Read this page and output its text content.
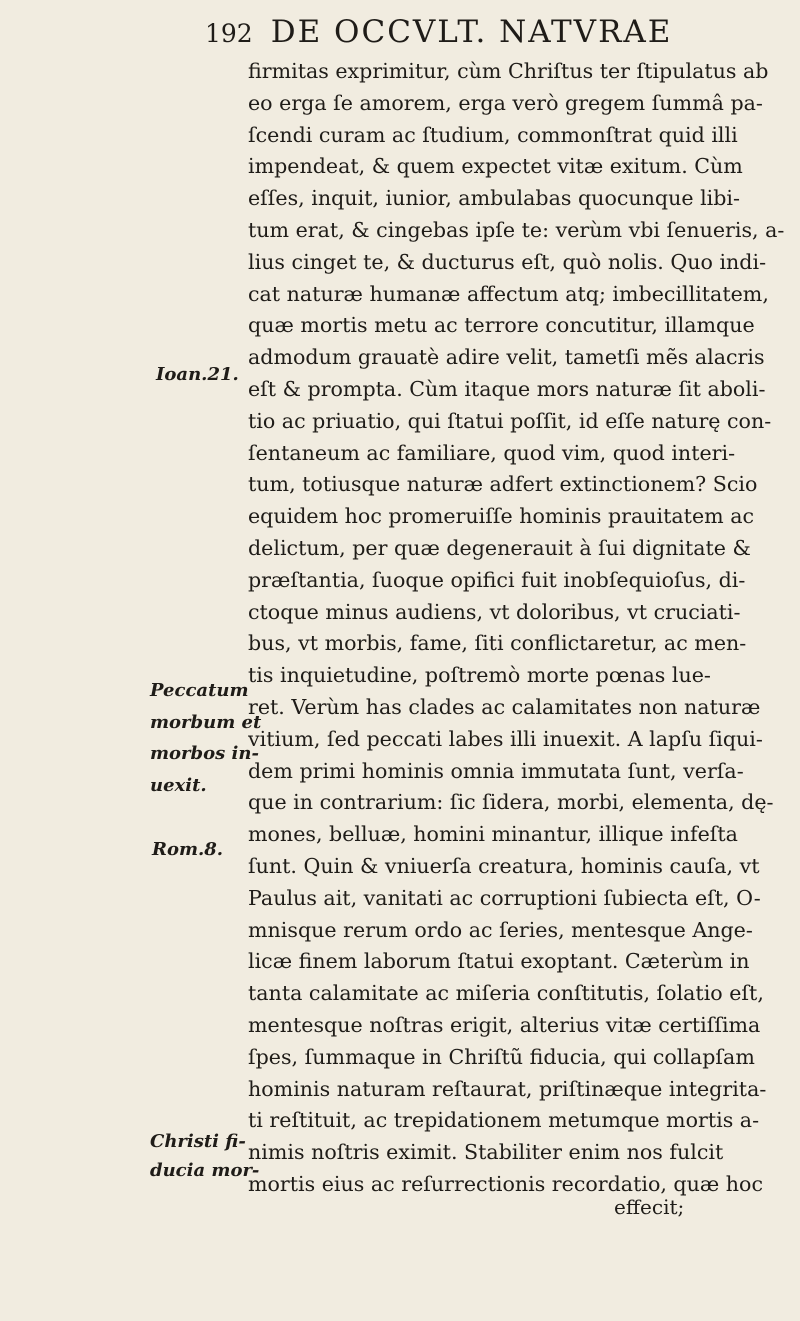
192 DE OCCVLT. NATVRAE
firmitas exprimitur, cùm Chriſtus ter ſtipulatus ab
eo erga ſe amorem, erga verò gregem ſummâ pa-
ſcendi curam ac ſtudium, commonſtrat quid illi
impendeat, & quem expectet vitæ exitum. Cùm
eſſes, inquit, iunior, ambulabas quocunque libi-
tum erat, & cingebas ipſe te: verùm vbi ſenueris, a-
lius cinget te, & ducturus eſt, quò nolis. Quo indi-
cat naturæ humanæ affectum atq; imbecillitatem,
quæ mortis metu ac terrore concutitur, illamque
admodum grauatè adire velit, tametſi mẽs alacris
eſt & prompta. Cùm itaque mors naturæ ſit aboli-
tio ac priuatio, qui ſtatui poſſit, id eſſe naturę con-
ſentaneum ac familiare, quod vim, quod interi-
tum, totiusque naturæ adfert extinctionem? Scio
equidem hoc promeruiſſe hominis prauitatem ac
delictum, per quæ degenerauit à ſui dignitate &
præſtantia, ſuoque opifici fuit inobſequioſus, di-
ctoque minus audiens, vt doloribus, vt cruciati-
bus, vt morbis, fame, ſiti conflictaretur, ac men-
tis inquietudine, poſtremò morte pœnas lue-
ret. Verùm has clades ac calamitates non naturæ
vitium, ſed peccati labes illi inuexit. A lapſu ſiqui-
dem primi hominis omnia immutata ſunt, verſa-
que in contrarium: ſic ſidera, morbi, elementa, dę-
mones, belluæ, homini minantur, illique infeſta
ſunt. Quin & vniuerſa creatura, hominis cauſa, vt
Paulus ait, vanitati ac corruptioni ſubiecta eſt, O-
mnisque rerum ordo ac ſeries, mentesque Ange-
licæ finem laborum ſtatui exoptant. Cæterùm in
tanta calamitate ac miſeria conſtitutis, ſolatio eſt,
mentesque noſtras erigit, alterius vitæ certiſſima
ſpes, ſummaque in Chriſtũ fiducia, qui collapſam
hominis naturam reſtaurat, priſtinæque integrita-
ti reſtituit, ac trepidationem metumque mortis a-
nimis noſtris eximit. Stabiliter enim nos fulcit
mortis eius ac reſurrectionis recordatio, quæ hoc
effecit;
Ioan.21.
Peccatum
morbum et
morbos in-
uexit.
Rom.8.
Christi fi-
ducia mor-
